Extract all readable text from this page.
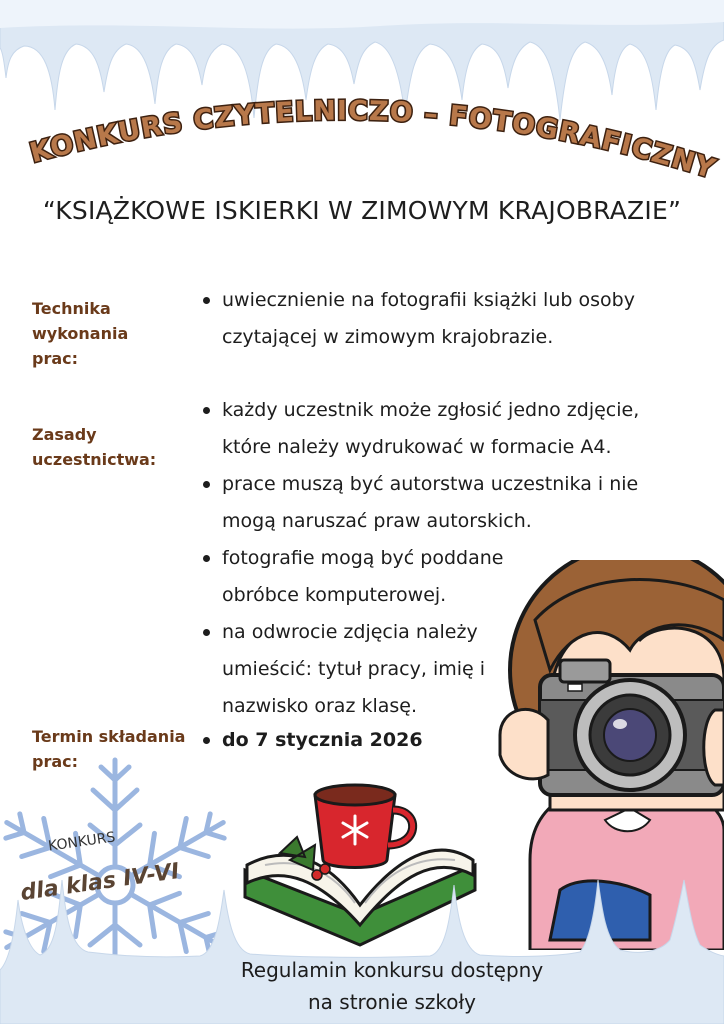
KONKURS CZYTELNICZO – FOTOGRAFICZNY
“KSIĄŻKOWE ISKIERKI W ZIMOWYM KRAJOBRAZIE”
Technika wykonania prac:
Zasady uczestnictwa:
Termin składania prac:
uwiecznienie na fotografii książki lub osoby czytającej w zimowym krajobrazie.
każdy uczestnik może zgłosić jedno zdjęcie, które należy wydrukować w formacie A4.
prace muszą być autorstwa uczestnika i nie mogą naruszać praw autorskich.
fotografie mogą być poddane obróbce komputerowej.
na odwrocie zdjęcia należy umieścić: tytuł pracy, imię i nazwisko oraz klasę.
do 7 stycznia 2026
KONKURS
dla klas IV-VI
Regulamin konkursu dostępny
na stronie szkoły
